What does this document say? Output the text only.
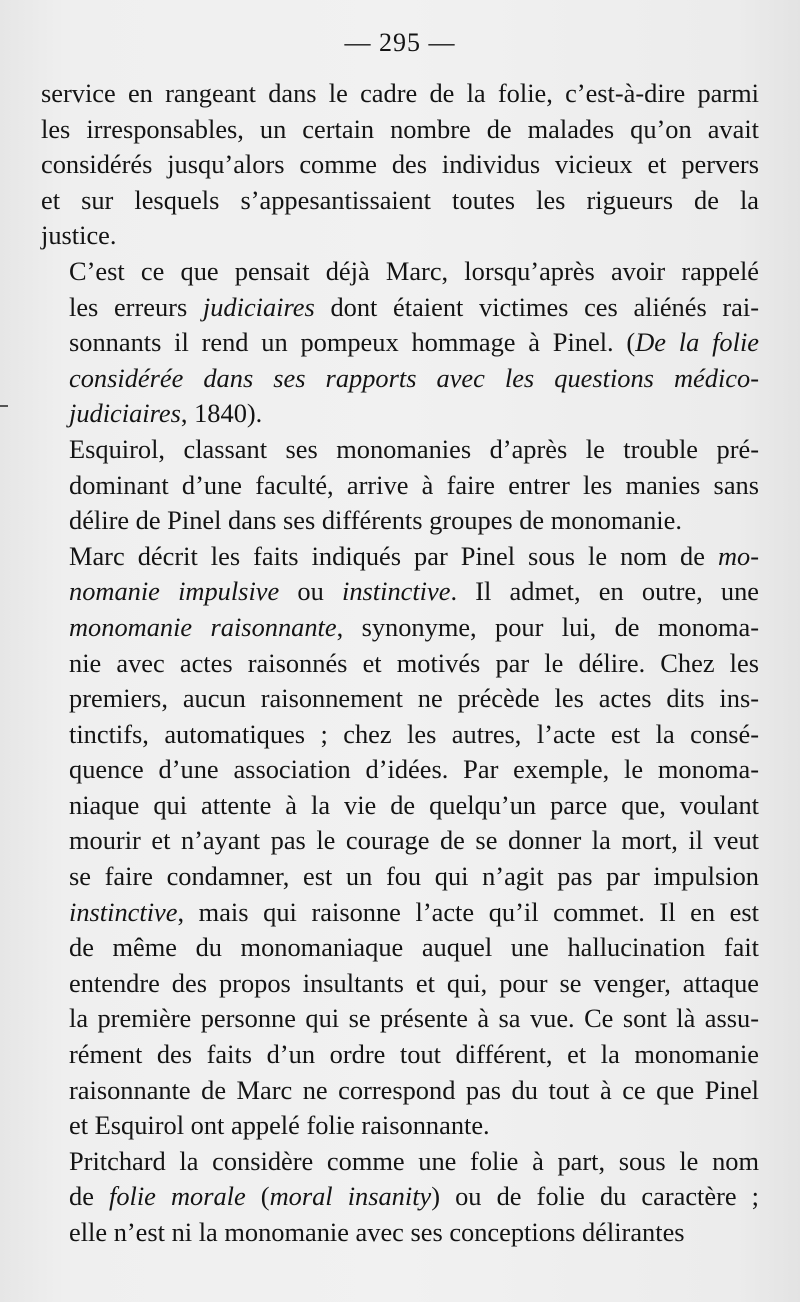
— 295 —

service en rangeant dans le cadre de la folie, c’est-à-dire parmi
les irresponsables, un certain nombre de malades qu’on avait
considérés jusqu’alors comme des individus vicieux et pervers
et sur lesquels s’appesantissaient toutes les rigueurs de la
justice.

C’est ce que pensait déjà Marc, lorsqu’après avoir rappelé
les erreurs judiciaires dont étaient victimes ces aliénés rai-
sonnants il rend un pompeux hommage à Pinel. (De la folie
considérée dans ses rapports avec les questions médico-
judiciaires, 1840).

Esquirol, classant ses monomanies d’après le trouble pré-
dominant d’une faculté, arrive à faire entrer les manies sans
délire de Pinel dans ses différents groupes de monomanie.

Marc décrit les faits indiqués par Pinel sous le nom de mo-
nomanie impulsive ou instinctive. Il admet, en outre, une
monomanie raisonnante, synonyme, pour lui, de monoma-
nie avec actes raisonnés et motivés par le délire. Chez les
premiers, aucun raisonnement ne précède les actes dits ins-
tinctifs, automatiques ; chez les autres, l’acte est la consé-
quence d’une association d’idées. Par exemple, le monoma-
niaque qui attente à la vie de quelqu’un parce que, voulant
mourir et n’ayant pas le courage de se donner la mort, il veut
se faire condamner, est un fou qui n’agit pas par impulsion
instinctive, mais qui raisonne l’acte qu’il commet. Il en est
de même du monomaniaque auquel une hallucination fait
entendre des propos insultants et qui, pour se venger, attaque
la première personne qui se présente à sa vue. Ce sont là assu-
rément des faits d’un ordre tout différent, et la monomanie
raisonnante de Marc ne correspond pas du tout à ce que Pinel
et Esquirol ont appelé folie raisonnante.

Pritchard la considère comme une folie à part, sous le nom
de folie morale (moral insanity) ou de folie du caractère ;
elle n’est ni la monomanie avec ses conceptions délirantes
